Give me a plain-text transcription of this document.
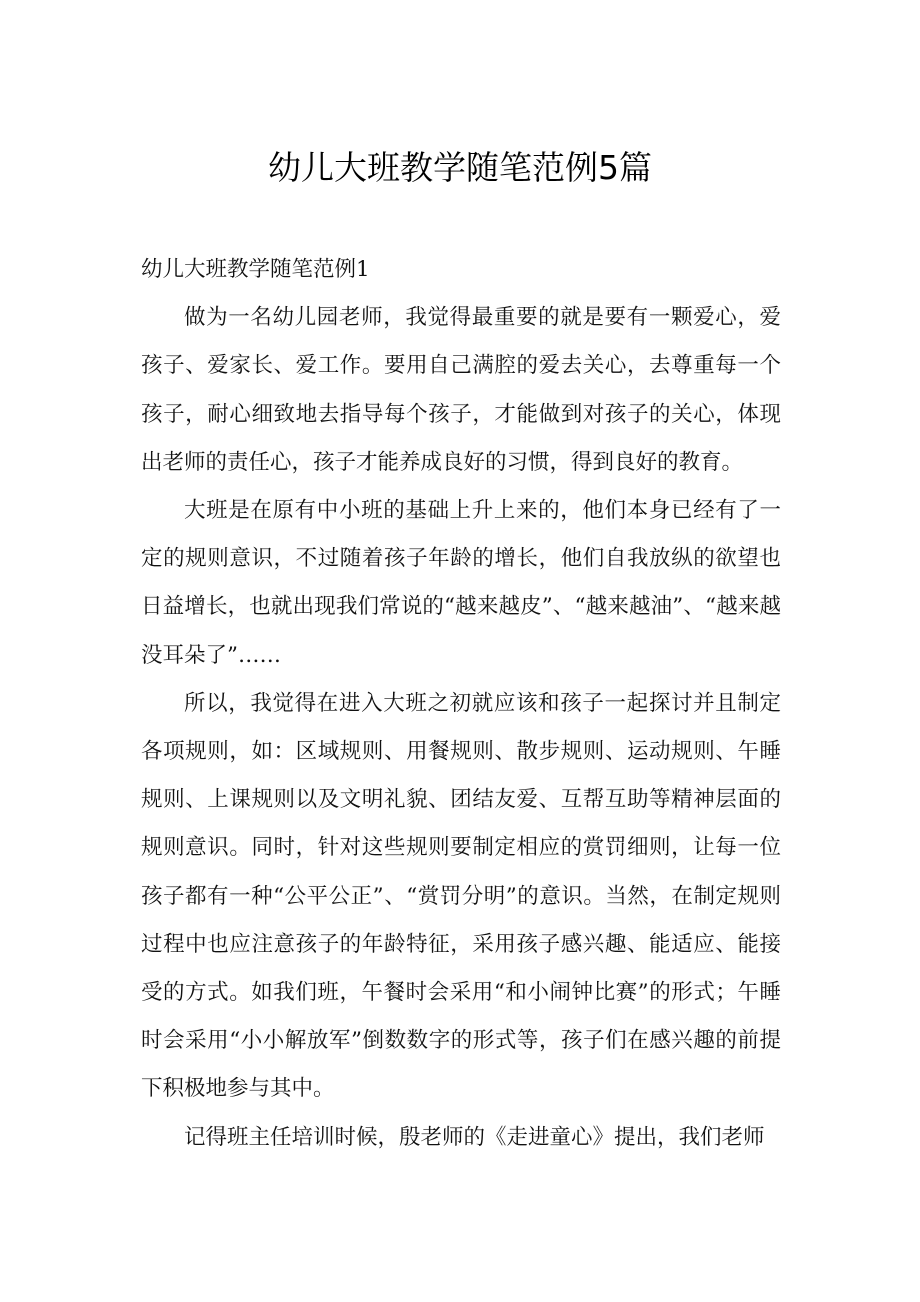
幼儿大班教学随笔范例5篇

幼儿大班教学随笔范例1

做为一名幼儿园老师，我觉得最重要的就是要有一颗爱心，爱孩子、爱家长、爱工作。要用自己满腔的爱去关心，去尊重每一个孩子，耐心细致地去指导每个孩子，才能做到对孩子的关心，体现出老师的责任心，孩子才能养成良好的习惯，得到良好的教育。

大班是在原有中小班的基础上升上来的，他们本身已经有了一定的规则意识，不过随着孩子年龄的增长，他们自我放纵的欲望也日益增长，也就出现我们常说的“越来越皮”、“越来越油”、“越来越没耳朵了”……

所以，我觉得在进入大班之初就应该和孩子一起探讨并且制定各项规则，如：区域规则、用餐规则、散步规则、运动规则、午睡规则、上课规则以及文明礼貌、团结友爱、互帮互助等精神层面的规则意识。同时，针对这些规则要制定相应的赏罚细则，让每一位孩子都有一种“公平公正”、“赏罚分明”的意识。当然，在制定规则过程中也应注意孩子的年龄特征，采用孩子感兴趣、能适应、能接受的方式。如我们班，午餐时会采用“和小闹钟比赛”的形式；午睡时会采用“小小解放军”倒数数字的形式等，孩子们在感兴趣的前提下积极地参与其中。

记得班主任培训时候，殷老师的《走进童心》提出，我们老师
